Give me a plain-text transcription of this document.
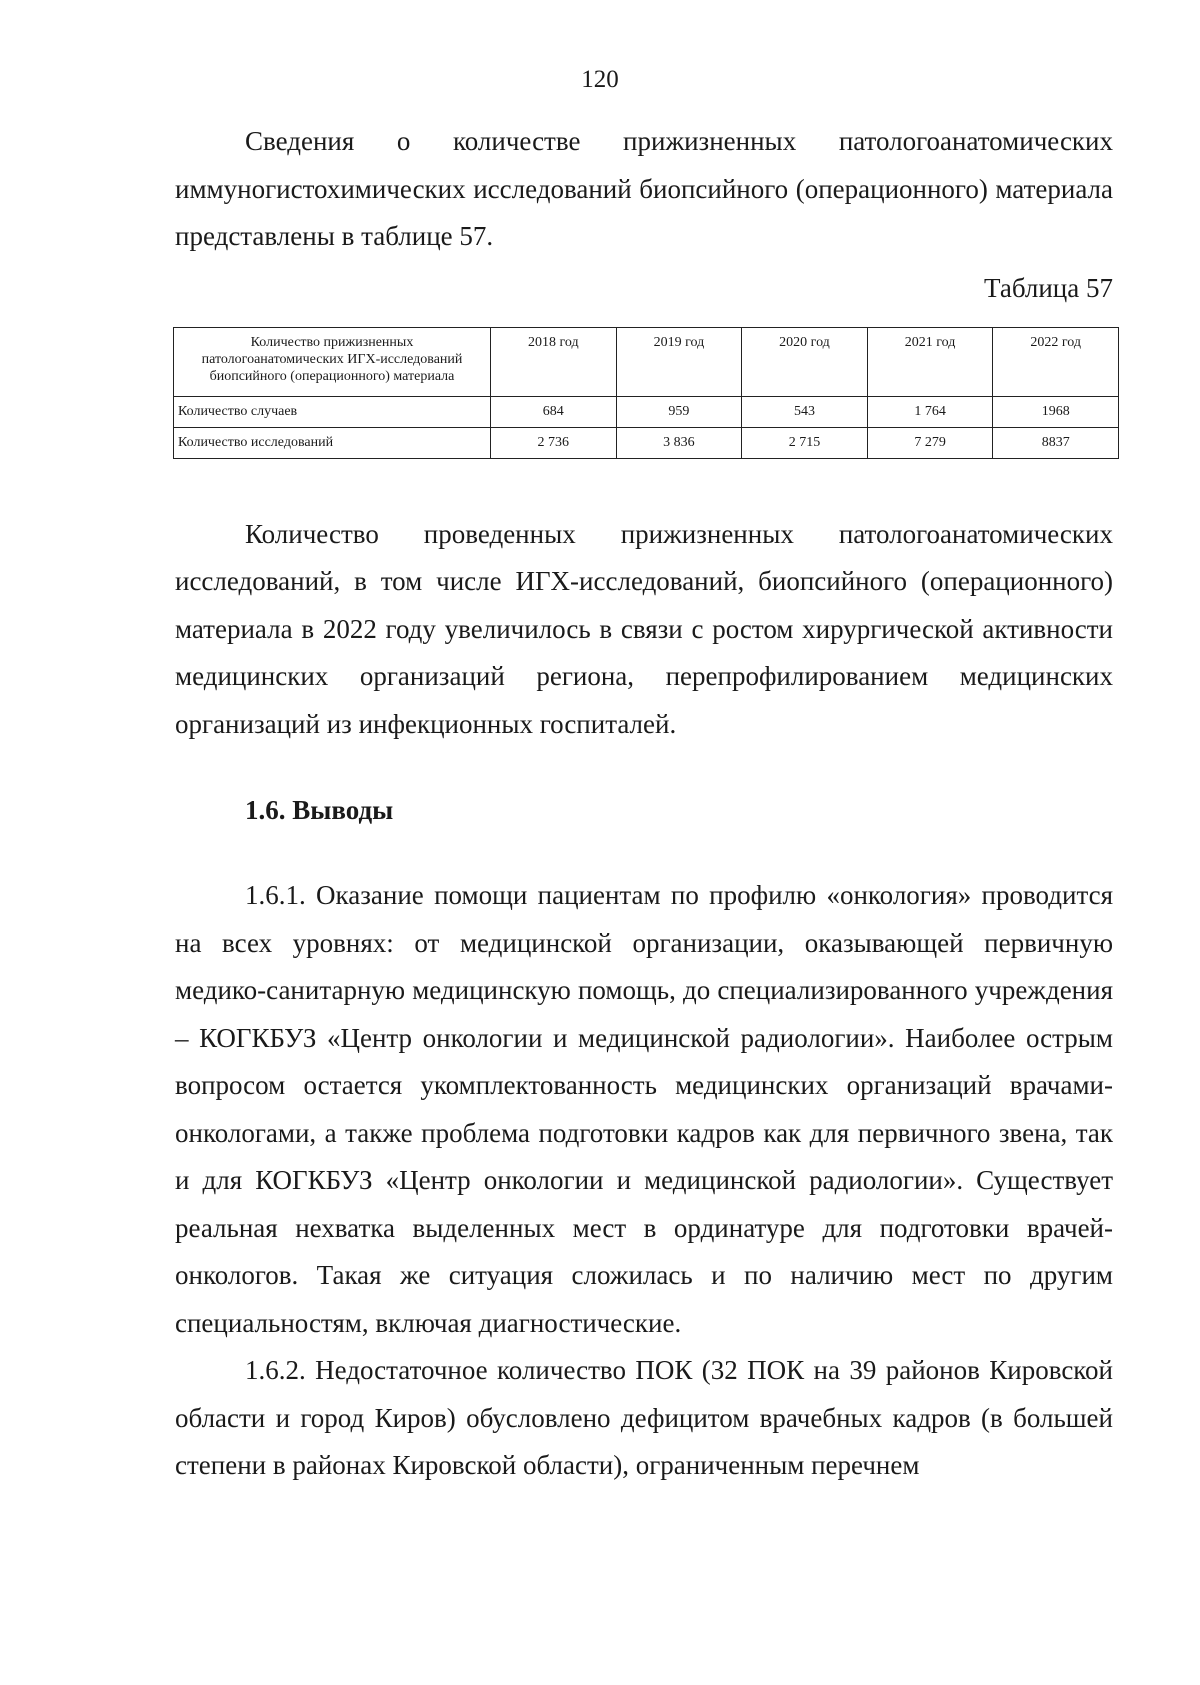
120

Сведения о количестве прижизненных патологоанатомических иммуногистохимических исследований биопсийного (операционного) материала представлены в таблице 57.

Таблица 57
Количество прижизненных патологоанатомических ИГХ-исследований биопсийного (операционного) материала	2018 год	2019 год	2020 год	2021 год	2022 год
Количество случаев	684	959	543	1 764	1968
Количество исследований	2 736	3 836	2 715	7 279	8837

Количество проведенных прижизненных патологоанатомических исследований, в том числе ИГХ-исследований, биопсийного (операционного) материала в 2022 году увеличилось в связи с ростом хирургической активности медицинских организаций региона, перепрофилированием медицинских организаций из инфекционных госпиталей.

1.6. Выводы

1.6.1. Оказание помощи пациентам по профилю «онкология» проводится на всех уровнях: от медицинской организации, оказывающей первичную медико-санитарную медицинскую помощь, до специализированного учреждения – КОГКБУЗ «Центр онкологии и медицинской радиологии». Наиболее острым вопросом остается укомплектованность медицинских организаций врачами-онкологами, а также проблема подготовки кадров как для первичного звена, так и для КОГКБУЗ «Центр онкологии и медицинской радиологии». Существует реальная нехватка выделенных мест в ординатуре для подготовки врачей-онкологов. Такая же ситуация сложилась и по наличию мест по другим специальностям, включая диагностические.

1.6.2. Недостаточное количество ПОК (32 ПОК на 39 районов Кировской области и город Киров) обусловлено дефицитом врачебных кадров (в большей степени в районах Кировской области), ограниченным перечнем
